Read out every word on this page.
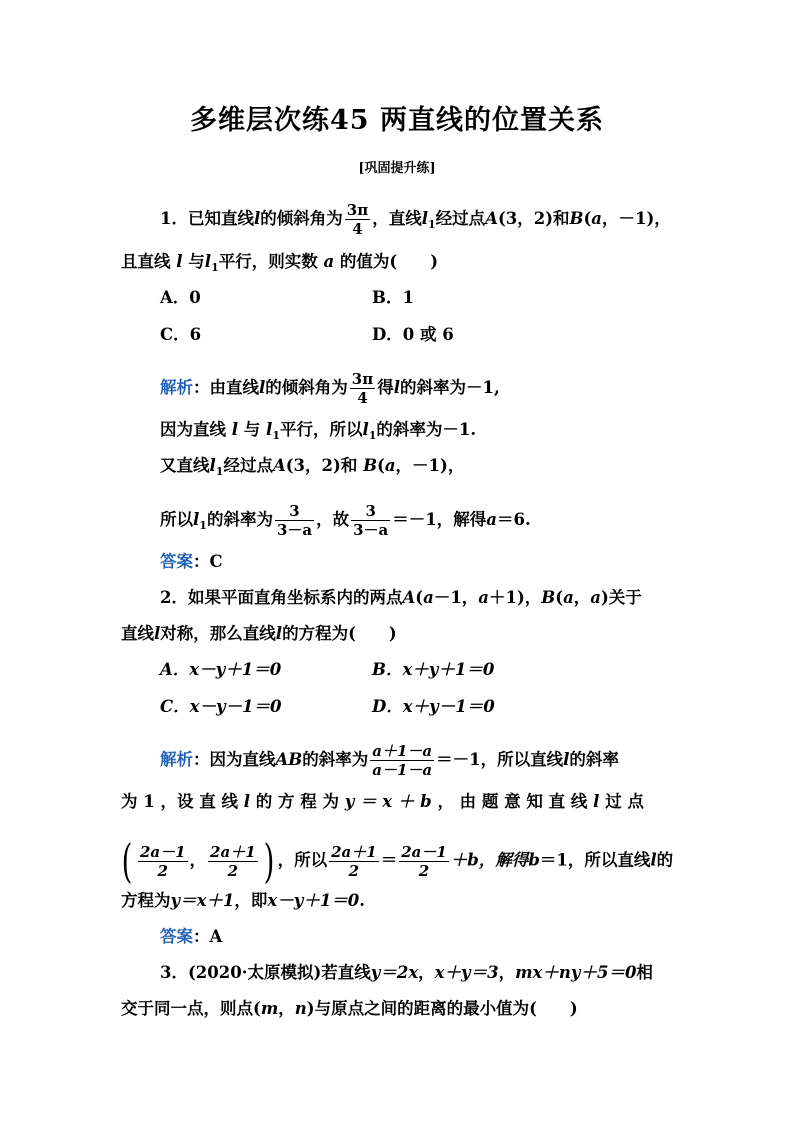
多维层次练45 两直线的位置关系
[巩固提升练]
1．已知直线l的倾斜角为 $\frac{3\pi}{4}$ ，直线$l_1$经过点A(3，2)和B(a，－1)，
且直线 l 与$l_1$平行，则实数 a 的值为(　　)
A．0	B．1
C．6	D．0 或 6
解析：由直线l的倾斜角为 $\frac{3\pi}{4}$ 得l的斜率为－1,
因为直线 l 与 $l_1$平行，所以$l_1$的斜率为－1.
又直线$l_1$经过点A(3，2)和 B(a，－1)，
所以$l_1$的斜率为 $\frac{3}{3-a}$ ，故 $\frac{3}{3-a} =-1$，解得a＝6.
答案：C
2．如果平面直角坐标系内的两点A(a－1，a＋1)，B(a，a)关于
直线l对称，那么直线l的方程为(　　)
A．x－y＋1＝0	B．x＋y＋1＝0
C．x－y－1＝0	D．x＋y－1＝0
解析：因为直线AB的斜率为 $\frac{a+1-a}{a-1-a} =-1$，所以直线l的斜率
为 1 ，设 直 线 l 的 方 程 为 y ＝ x ＋ b ， 由 题 意 知 直 线 l 过 点
( $\frac{2a-1}{2}$ ， $\frac{2a+1}{2}$ ) ，所以 $\frac{2a+1}{2} = \frac{2a-1}{2} +b$，解得b＝1，所以直线l的
方程为y＝x＋1，即x－y＋1＝0.
答案：A
3．(2020·太原模拟)若直线y＝2x，x＋y＝3，mx＋ny＋5＝0相
交于同一点，则点(m，n)与原点之间的距离的最小值为(　　)
